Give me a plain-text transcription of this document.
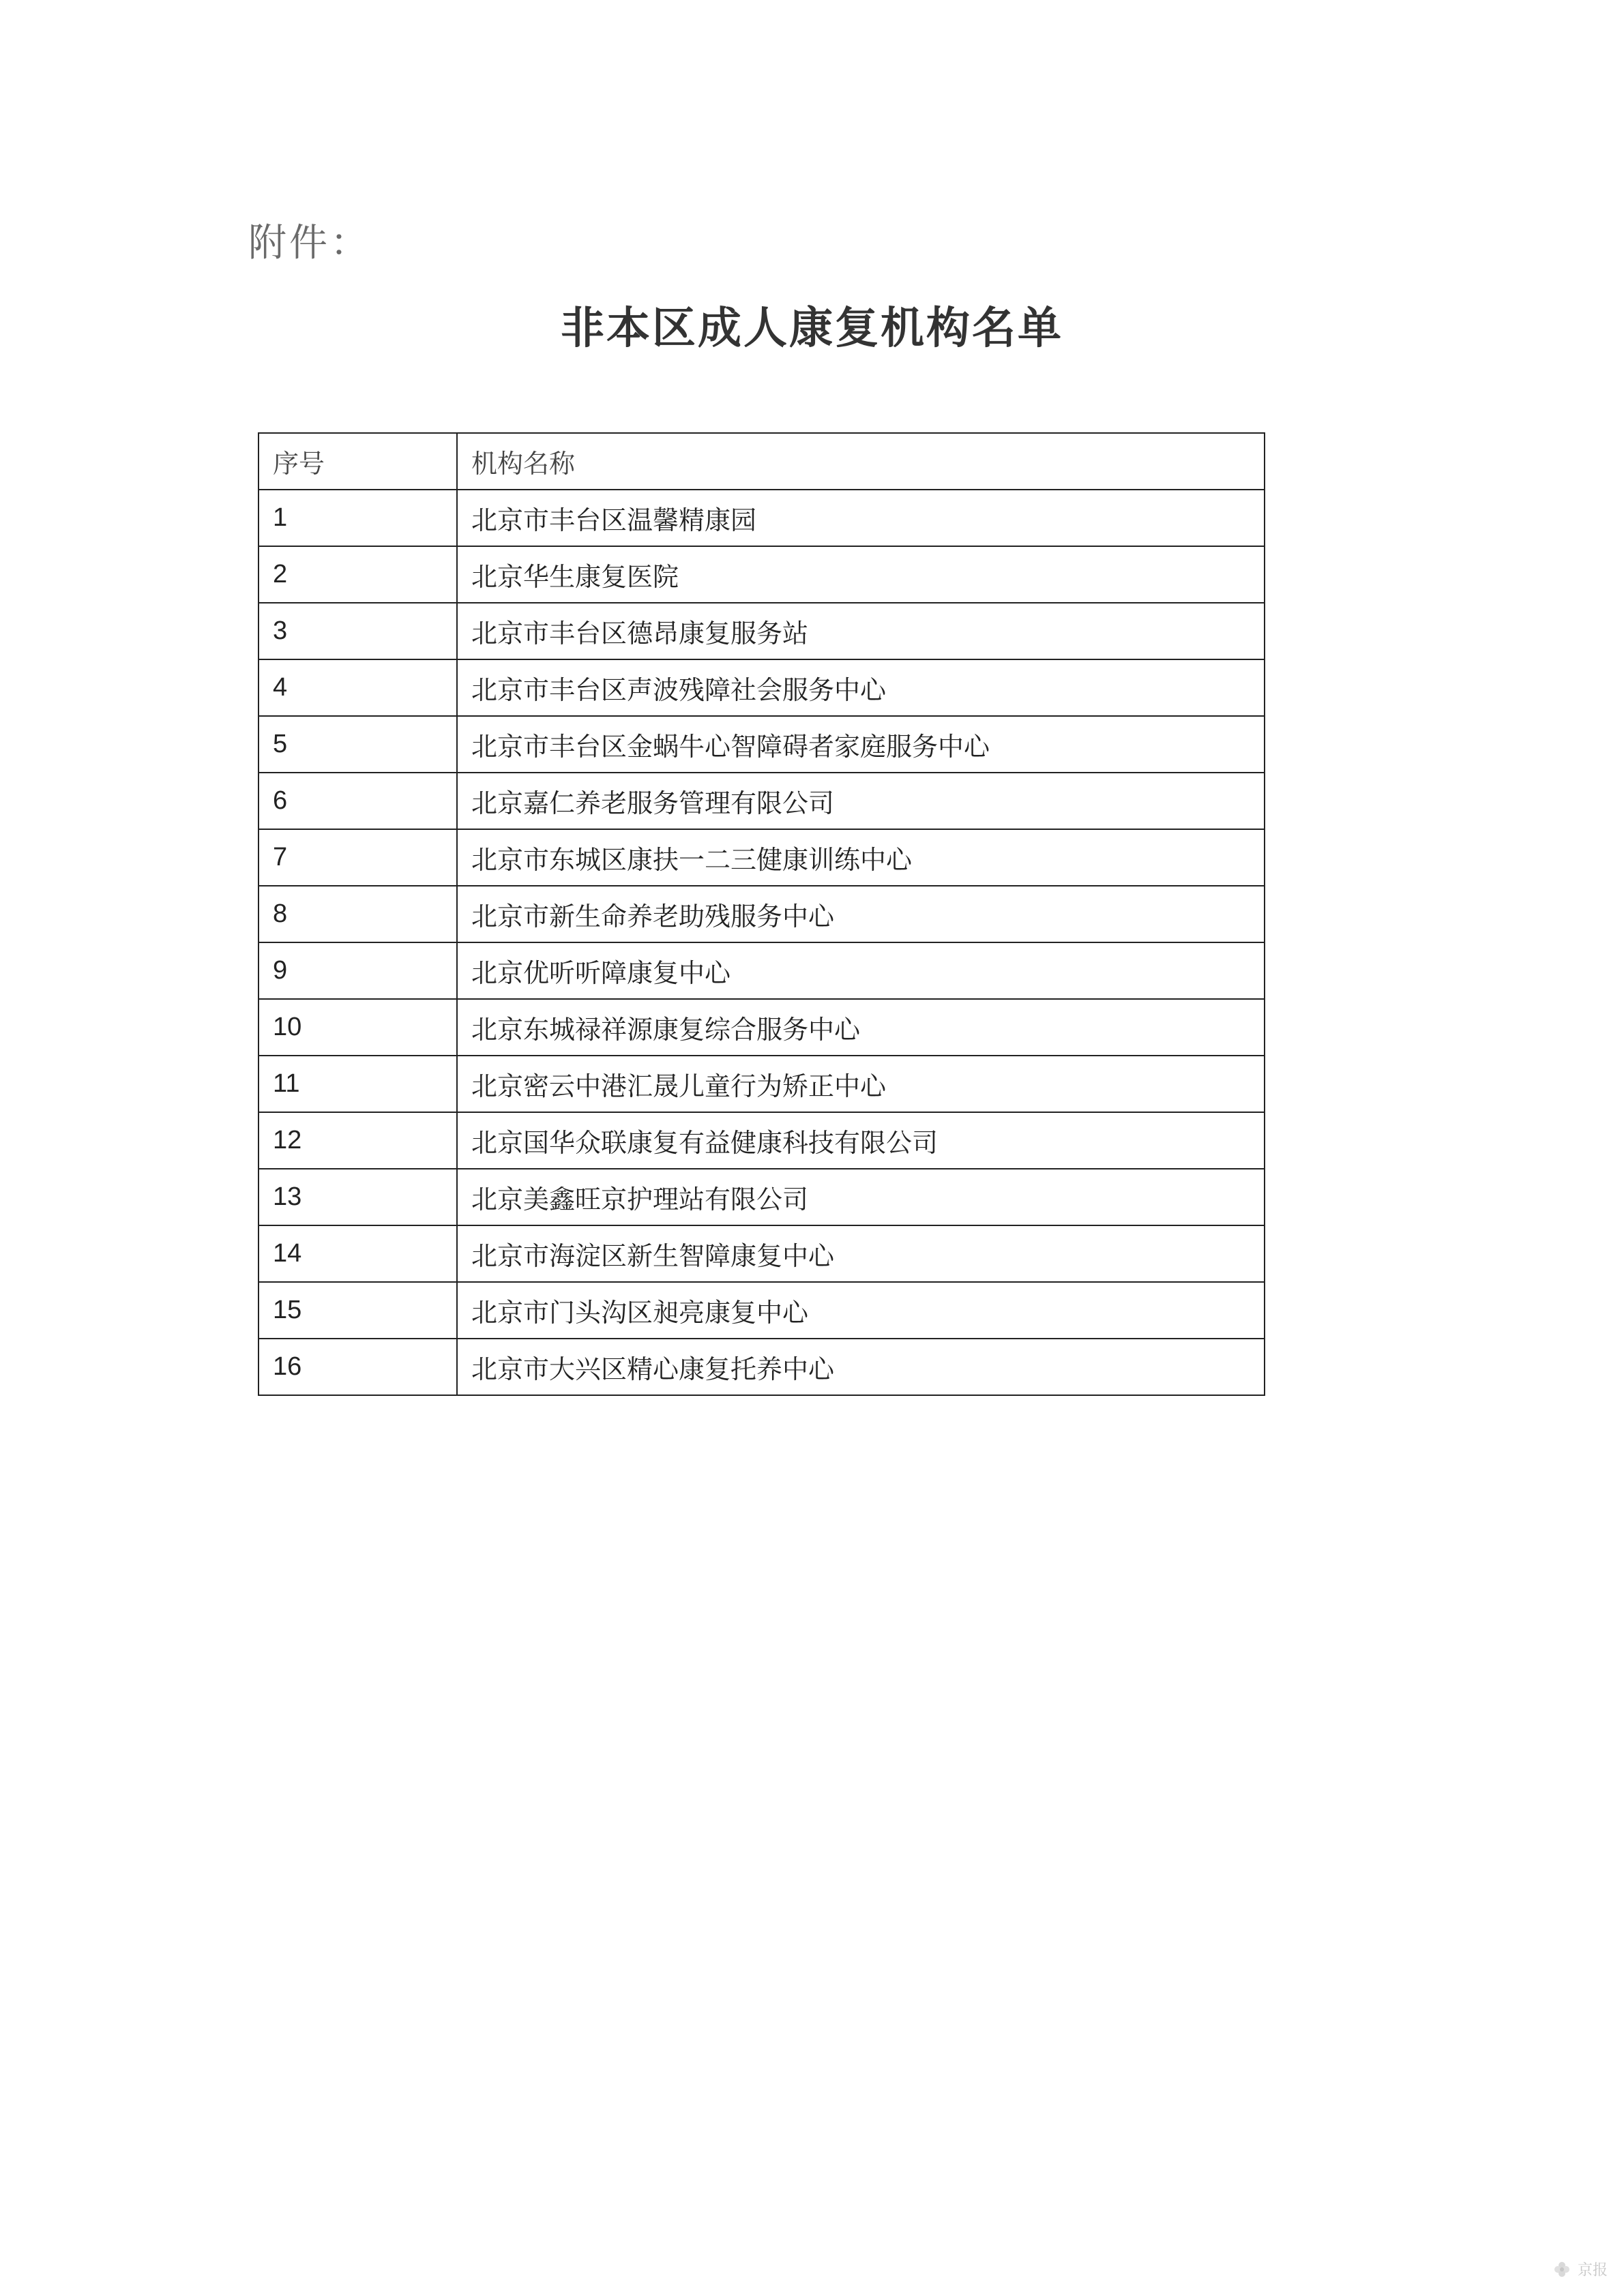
附件：
非本区成人康复机构名单
序号	机构名称
1	北京市丰台区温馨精康园
2	北京华生康复医院
3	北京市丰台区德昂康复服务站
4	北京市丰台区声波残障社会服务中心
5	北京市丰台区金蜗牛心智障碍者家庭服务中心
6	北京嘉仁养老服务管理有限公司
7	北京市东城区康扶一二三健康训练中心
8	北京市新生命养老助残服务中心
9	北京优听听障康复中心
10	北京东城禄祥源康复综合服务中心
11	北京密云中港汇晟儿童行为矫正中心
12	北京国华众联康复有益健康科技有限公司
13	北京美鑫旺京护理站有限公司
14	北京市海淀区新生智障康复中心
15	北京市门头沟区昶亮康复中心
16	北京市大兴区精心康复托养中心
京报
